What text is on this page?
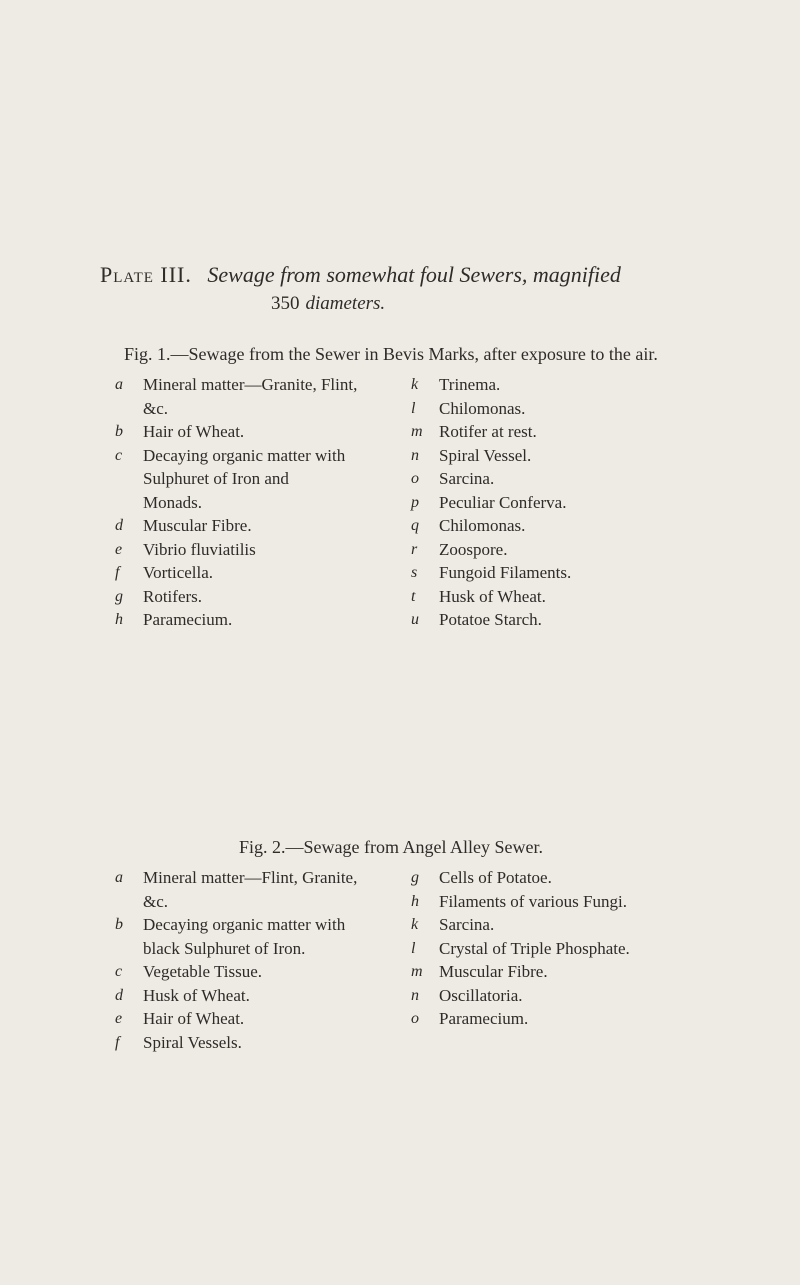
Plate III. Sewage from somewhat foul Sewers, magnified
350 diameters.
Fig. 1.—Sewage from the Sewer in Bevis Marks, after exposure to the air.
a Mineral matter—Granite, Flint,
&c.
b Hair of Wheat.
c Decaying organic matter with
Sulphuret of Iron and
Monads.
d Muscular Fibre.
e Vibrio fluviatilis
f Vorticella.
g Rotifers.
h Paramecium.
k Trinema.
l Chilomonas.
m Rotifer at rest.
n Spiral Vessel.
o Sarcina.
p Peculiar Conferva.
q Chilomonas.
r Zoospore.
s Fungoid Filaments.
t Husk of Wheat.
u Potatoe Starch.
Fig. 2.—Sewage from Angel Alley Sewer.
a Mineral matter—Flint, Granite,
&c.
b Decaying organic matter with
black Sulphuret of Iron.
c Vegetable Tissue.
d Husk of Wheat.
e Hair of Wheat.
f Spiral Vessels.
g Cells of Potatoe.
h Filaments of various Fungi.
k Sarcina.
l Crystal of Triple Phosphate.
m Muscular Fibre.
n Oscillatoria.
o Paramecium.
